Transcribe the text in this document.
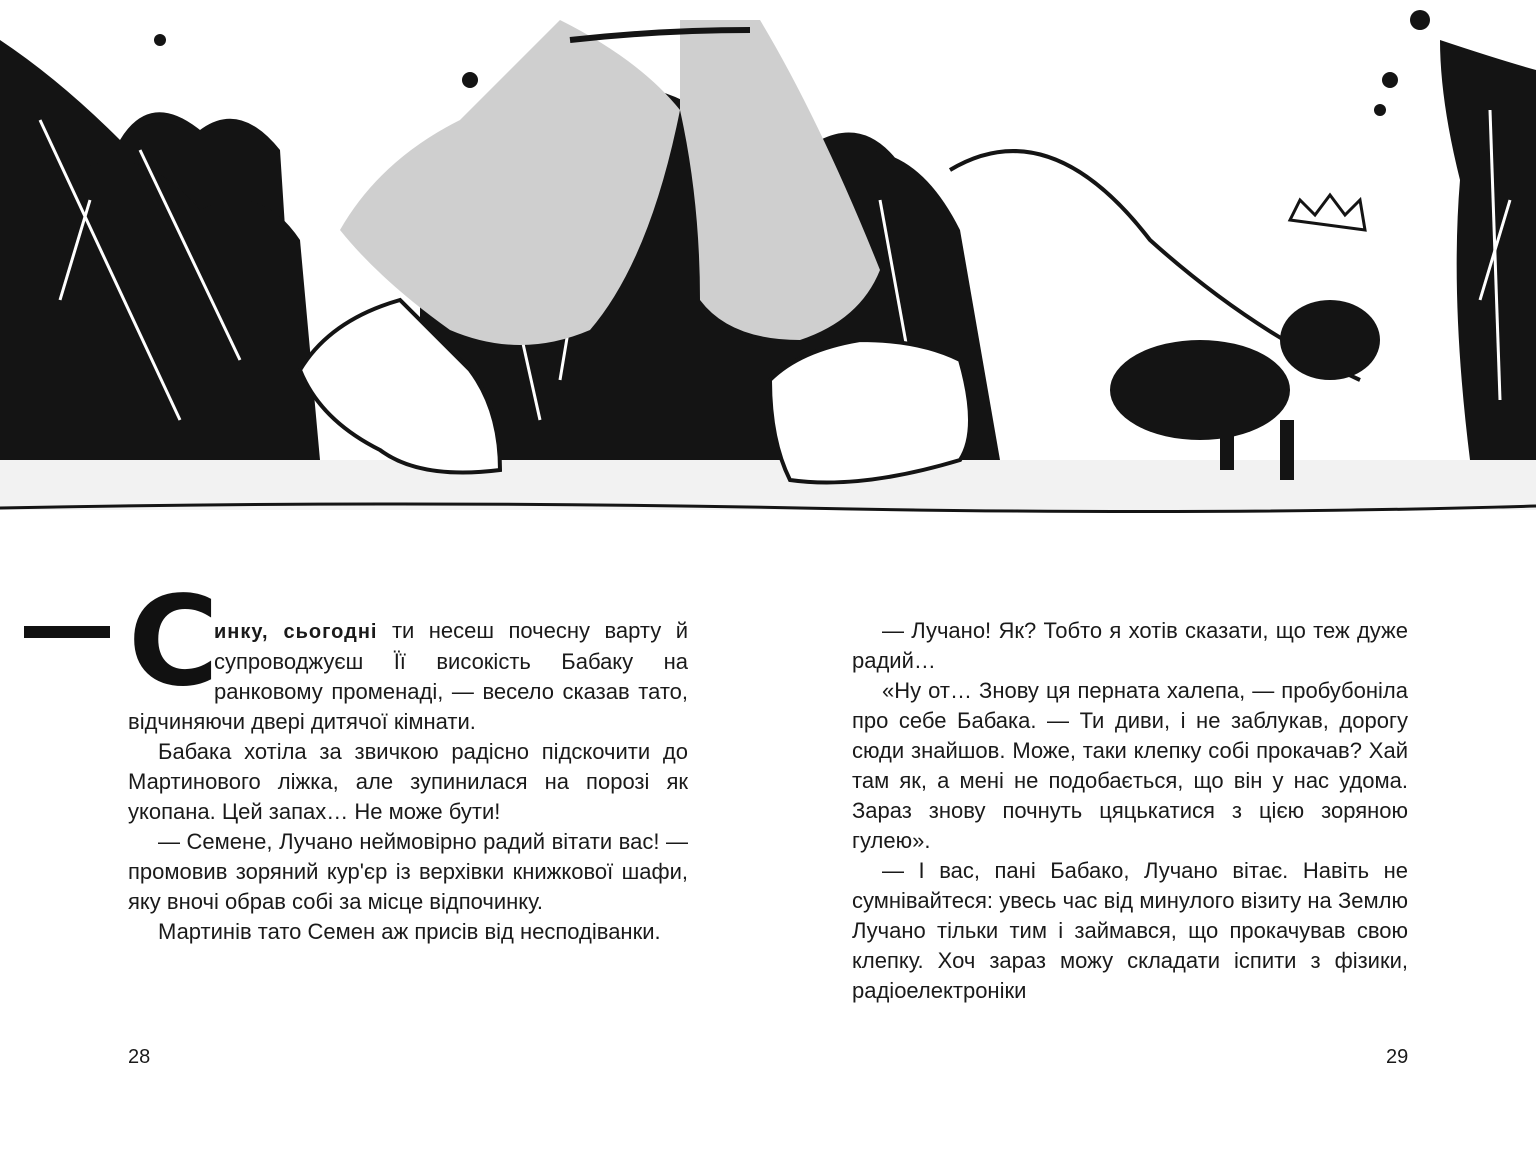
С

инку, сьогодні ти несеш почесну варту й супроводжуєш Її високість Бабаку на ранковому променаді, — весело сказав тато, відчиняючи двері дитячої кімнати.

Бабака хотіла за звичкою радісно підскочити до Мартинового ліжка, але зупинилася на порозі як укопана. Цей запах… Не може бути!

— Семене, Лучано неймовірно радий вітати вас! — промовив зоряний кур'єр із верхівки книжкової шафи, яку вночі обрав собі за місце відпочинку.

Мартинів тато Семен аж присів від несподіванки.

— Лучано! Як? Тобто я хотів сказати, що теж дуже радий…

«Ну от… Знову ця перната халепа, — пробубоніла про себе Бабака. — Ти диви, і не заблукав, дорогу сюди знайшов. Може, таки клепку собі прокачав? Хай там як, а мені не подобається, що він у нас удома. Зараз знову почнуть цяцькатися з цією зоряною гулею».

— І вас, пані Бабако, Лучано вітає. Навіть не сумнівайтеся: увесь час від минулого візиту на Землю Лучано тільки тим і займався, що прокачував свою клепку. Хоч зараз можу складати іспити з фізики, радіоелектроніки

28	29
